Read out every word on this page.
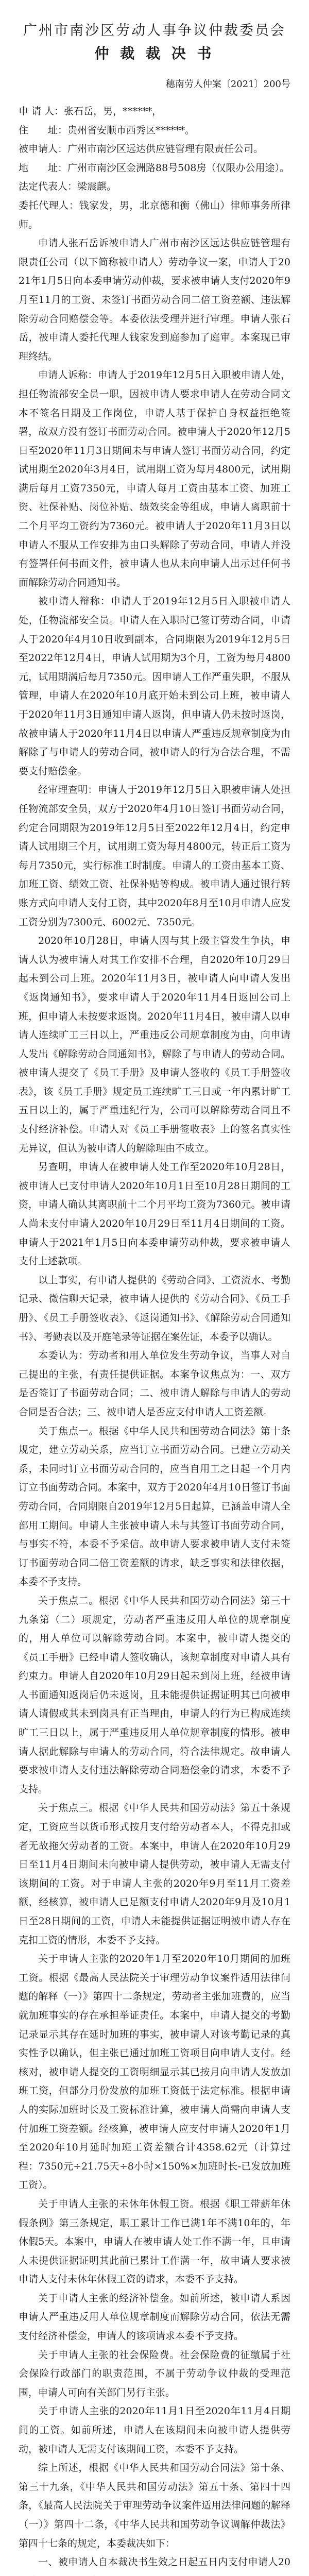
广州市南沙区劳动人事争议仲裁委员会
仲 裁 裁 决 书
穗南劳人仲案〔2021〕200号

申 请 人：张石岳，男，******，

住　　址：贵州省安顺市西秀区******。

被申请人：广州市南沙区远达供应链管理有限责任公司。

地　　址：广州市南沙区金洲路88号508房（仅限办公用途）。

法定代表人：梁震麒。

委托代理人：钱家发，男，北京德和衡（佛山）律师事务所律师。

申请人张石岳诉被申请人广州市南沙区远达供应链管理有限责任公司（以下简称被申请人）劳动争议一案，申请人于2021年1月5日向本委申请劳动仲裁，要求被申请人支付2020年9月至11月的工资、未签订书面劳动合同二倍工资差额、违法解除劳动合同赔偿金等。本委依法受理并进行审理。申请人张石岳，被申请人委托代理人钱家发到庭参加了庭审。本案现已审理终结。

申请人诉称：申请人于2019年12月5日入职被申请人处，担任物流部安全员一职，因被申请人要求申请人在劳动合同文本不签名日期及工作岗位，申请人基于保护自身权益拒绝签署，故双方没有签订书面劳动合同。被申请人于2020年12月5日至2020年11月3日期间未与申请人签订书面劳动合同，约定试用期至2020年3月4日，试用期工资为每月4800元，试用期满后每月工资7350元，申请人每月工资由基本工资、加班工资、社保补贴、岗位补贴、绩效奖金等组成，申请人离职前十二个月平均工资约为7360元。被申请人于2020年11月3日以申请人不服从工作安排为由口头解除了劳动合同，申请人并没有签署任何书面文件，被申请人也从未向申请人出示过任何书面解除劳动合同通知书。

被申请人辩称：申请人于2019年12月5日入职被申请人处，任物流部安全员。申请人在入职时已签订劳动合同，申请人于2020年4月10日收到副本，合同期限为2019年12月5日至2022年12月4日，申请人试用期为3个月，工资为每月4800元，试用期满后每月7350元。因申请人工作严重失职，不服从管理，申请人在2020年10月底开始未到公司上班，被申请人于2020年11月3日通知申请人返岗，但申请人仍未按时返岗，故被申请人于2020年11月4日以申请人严重违反规章制度为由解除了与申请人的劳动合同，被申请人的行为合法合理，不需要支付赔偿金。

经审理查明：申请人于2019年12月5日入职被申请人处担任物流部安全员，双方于2020年4月10日签订书面劳动合同，约定合同期限为2019年12月5日至2022年12月4日，约定申请人试用期三个月，试用期工资为每月4800元，转正后工资为每月7350元，实行标准工时制度。申请人的工资由基本工资、加班工资、绩效工资、社保补贴等构成。被申请人通过银行转账方式向申请人支付工资，其中2020年8月至10月申请人应发工资分别为7300元、6002元、7350元。

2020年10月28日，申请人因与其上级主管发生争执，申请人认为被申请人对其工作安排不合理，自2020年10月29日起未到公司上班。2020年11月3日，被申请人向申请人发出《返岗通知书》，要求申请人于2020年11月4日返回公司上班，但申请人未按要求返岗。2020年11月4日，被申请人以申请人连续旷工三日以上，严重违反公司规章制度为由，向申请人发出《解除劳动合同通知书》，解除了与申请人的劳动合同。被申请人提交了《员工手册》及申请人签收的《员工手册签收表》，该《员工手册》规定员工连续旷工三日或一年内累计旷工五日以上的，属于严重违纪行为，公司可以解除劳动合同且不支付经济补偿。申请人对《员工手册签收表》上的签名真实性无异议，但认为被申请人的解除理由不成立。

另查明，申请人在被申请人处工作至2020年10月28日，被申请人已支付申请人2020年10月1日至10月28日期间的工资，申请人确认其离职前十二个月平均工资为7360元。被申请人尚未支付申请人2020年10月29日至11月4日期间的工资。申请人于2021年1月5日向本委申请劳动仲裁，要求被申请人支付上述款项。

以上事实，有申请人提供的《劳动合同》、工资流水、考勤记录、微信聊天记录，被申请人提供的《劳动合同》、《员工手册》、《员工手册签收表》、《返岗通知书》、《解除劳动合同通知书》、考勤表以及开庭笔录等证据在案佐证，本委予以确认。

本委认为：劳动者和用人单位发生劳动争议，当事人对自己提出的主张，有责任提供证据。本案争议焦点为：一、双方是否签订了书面劳动合同；二、被申请人解除与申请人的劳动合同是否合法；三、被申请人是否应支付申请人工资差额。

关于焦点一。根据《中华人民共和国劳动合同法》第十条规定，建立劳动关系，应当订立书面劳动合同。已建立劳动关系，未同时订立书面劳动合同的，应当自用工之日起一个月内订立书面劳动合同。本案中，双方于2020年4月10日签订书面劳动合同，合同期限自2019年12月5日起算，已涵盖申请人全部用工期间。申请人主张被申请人未与其签订书面劳动合同，与事实不符，本委不予采信。故申请人要求被申请人支付未签订书面劳动合同二倍工资差额的请求，缺乏事实和法律依据，本委不予支持。

关于焦点二。根据《中华人民共和国劳动合同法》第三十九条第（二）项规定，劳动者严重违反用人单位的规章制度的，用人单位可以解除劳动合同。本案中，被申请人提交的《员工手册》已经申请人签收确认，该规章制度对申请人具有约束力。申请人自2020年10月29日起未到岗上班，经被申请人书面通知返岗后仍未返岗，且未能提供证据证明其已向被申请人请假或其未到岗具有正当理由，申请人的行为已构成连续旷工三日以上，属于严重违反用人单位规章制度的情形。被申请人据此解除与申请人的劳动合同，符合法律规定。故申请人要求被申请人支付违法解除劳动合同赔偿金的请求，本委不予支持。

关于焦点三。根据《中华人民共和国劳动法》第五十条规定，工资应当以货币形式按月支付给劳动者本人，不得克扣或者无故拖欠劳动者的工资。本案中，申请人在2020年10月29日至11月4日期间未向被申请人提供劳动，被申请人无需支付该期间的工资。对于申请人主张的2020年9月至11月工资差额，经核算，被申请人已足额支付申请人2020年9月及10月1日至28日期间的工资，申请人未能提供证据证明被申请人存在克扣工资的情形，本委不予支持。

关于申请人主张的2020年1月至2020年10月期间的加班工资。根据《最高人民法院关于审理劳动争议案件适用法律问题的解释（一）》第四十二条规定，劳动者主张加班费的，应当就加班事实的存在承担举证责任。本案中，申请人提交的考勤记录显示其存在延时加班的事实，被申请人对该考勤记录的真实性予以确认，但主张已通过加班工资项目向申请人支付。经核对，被申请人提交的工资明细显示其已按月向申请人发放加班工资，但部分月份发放的加班工资低于法定标准。根据申请人的实际加班时长及工资标准计算，被申请人尚需向申请人支付加班工资差额。经核算，被申请人应支付申请人2020年1月至2020年10月延时加班工资差额合计4358.62元（计算过程：7350元÷21.75天÷8小时×150%×加班时长-已发放加班工资）。

关于申请人主张的未休年休假工资。根据《职工带薪年休假条例》第三条规定，职工累计工作已满1年不满10年的，年休假5天。本案中，申请人在被申请人处工作不满一年，且申请人未提供证据证明其此前已累计工作满一年，故申请人要求被申请人支付未休年休假工资的请求，本委不予支持。

关于申请人主张的经济补偿金。如前所述，被申请人系因申请人严重违反用人单位规章制度而解除劳动合同，依法无需支付经济补偿金，申请人的该项请求本委不予支持。

关于申请人主张的社会保险费。社会保险费的征缴属于社会保险行政部门的职责范围，不属于劳动争议仲裁的受理范围，申请人可向有关部门另行主张。

关于申请人主张的2020年11月1日至2020年11月4日期间的工资。如前所述，申请人在该期间未向被申请人提供劳动，被申请人无需支付该期间工资，本委不予支持。

综上所述，根据《中华人民共和国劳动合同法》第十条、第三十九条，《中华人民共和国劳动法》第五十条、第四十四条，《最高人民法院关于审理劳动争议案件适用法律问题的解释（一）》第四十二条，《中华人民共和国劳动争议调解仲裁法》第四十七条的规定，本委裁决如下：

一、被申请人自本裁决书生效之日起五日内支付申请人20
